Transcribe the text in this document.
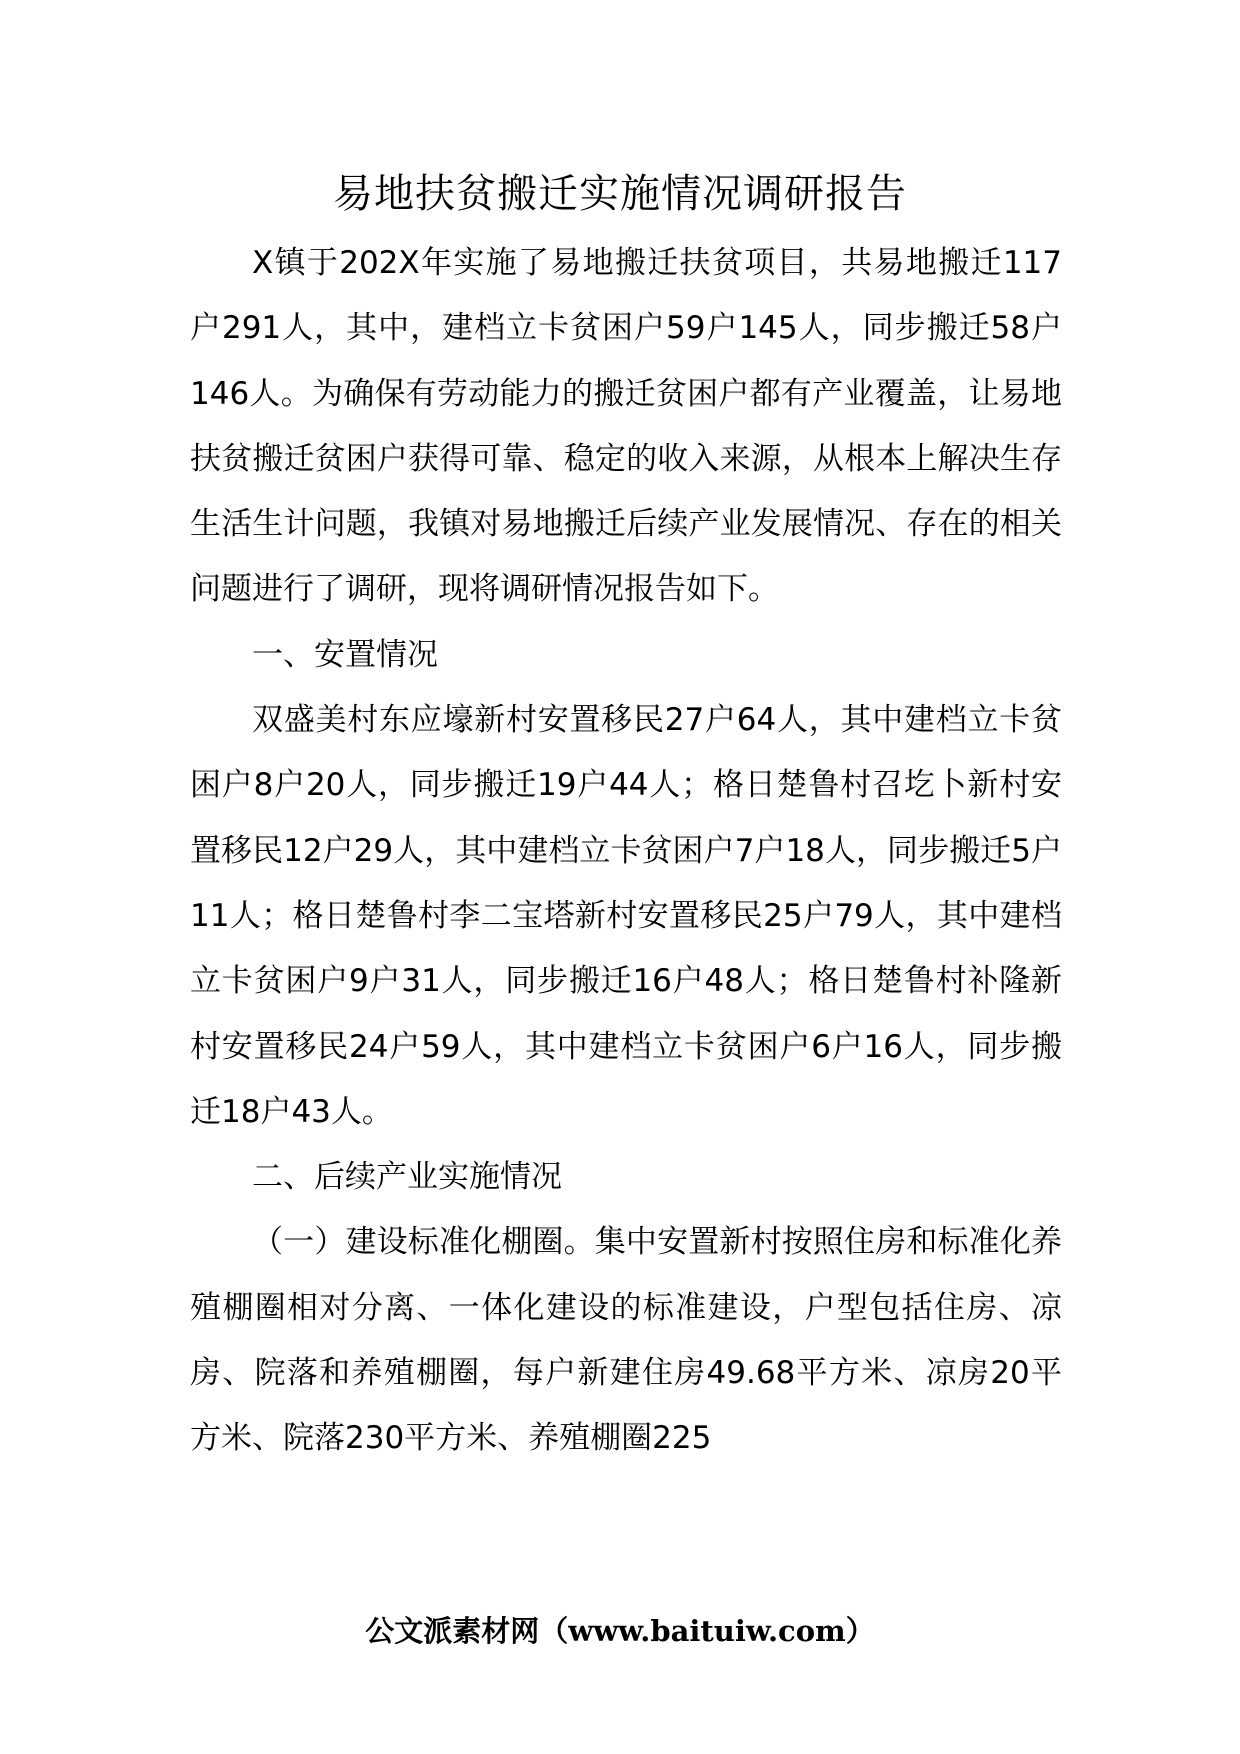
易地扶贫搬迁实施情况调研报告

X镇于202X年实施了易地搬迁扶贫项目，共易地搬迁117户291人，其中，建档立卡贫困户59户145人，同步搬迁58户146人。为确保有劳动能力的搬迁贫困户都有产业覆盖，让易地扶贫搬迁贫困户获得可靠、稳定的收入来源，从根本上解决生存生活生计问题，我镇对易地搬迁后续产业发展情况、存在的相关问题进行了调研，现将调研情况报告如下。

一、安置情况

双盛美村东应壕新村安置移民27户64人，其中建档立卡贫困户8户20人，同步搬迁19户44人；格日楚鲁村召圪卜新村安置移民12户29人，其中建档立卡贫困户7户18人，同步搬迁5户11人；格日楚鲁村李二宝塔新村安置移民25户79人，其中建档立卡贫困户9户31人，同步搬迁16户48人；格日楚鲁村补隆新村安置移民24户59人，其中建档立卡贫困户6户16人，同步搬迁18户43人。

二、后续产业实施情况

（一）建设标准化棚圈。集中安置新村按照住房和标准化养殖棚圈相对分离、一体化建设的标准建设，户型包括住房、凉房、院落和养殖棚圈，每户新建住房49.68平方米、凉房20平方米、院落230平方米、养殖棚圈225

公文派素材网（www.baituiw.com）
